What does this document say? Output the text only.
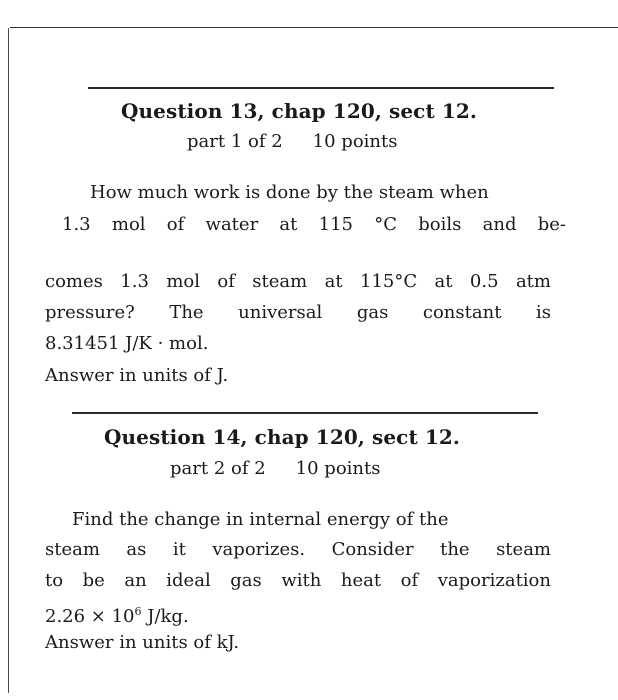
Question 13, chap 120, sect 12.
part 1 of 2 10 points
How much work is done by the steam when
1.3 mol of water at 115 °C boils and be-
comes 1.3 mol of steam at 115°C at 0.5 atm
pressure? The universal gas constant is
8.31451 J/K · mol.
Answer in units of J.
Question 14, chap 120, sect 12.
part 2 of 2 10 points
Find the change in internal energy of the
steam as it vaporizes. Consider the steam
to be an ideal gas with heat of vaporization
$2.26 \times 10^6$ J/kg.
Answer in units of kJ.
